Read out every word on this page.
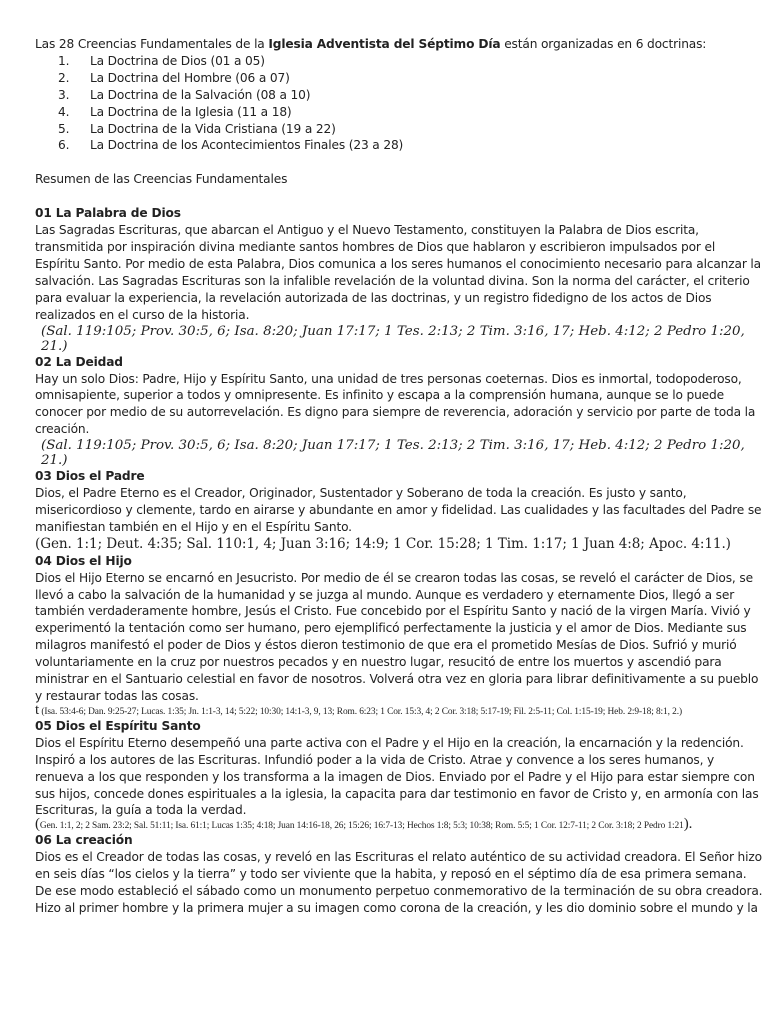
Las 28 Creencias Fundamentales de la Iglesia Adventista del Séptimo Día están organizadas en 6 doctrinas:

1.	La Doctrina de Dios (01 a 05)
2.	La Doctrina del Hombre (06 a 07)
3.	La Doctrina de la Salvación (08 a 10)
4.	La Doctrina de la Iglesia (11 a 18)
5.	La Doctrina de la Vida Cristiana (19 a 22)
6.	La Doctrina de los Acontecimientos Finales (23 a 28)

Resumen de las Creencias Fundamentales

01 La Palabra de Dios

Las Sagradas Escrituras, que abarcan el Antiguo y el Nuevo Testamento, constituyen la Palabra de Dios escrita, transmitida por inspiración divina mediante santos hombres de Dios que hablaron y escribieron impulsados por el Espíritu Santo. Por medio de esta Palabra, Dios comunica a los seres humanos el conocimiento necesario para alcanzar la salvación. Las Sagradas Escrituras son la infalible revelación de la voluntad divina. Son la norma del carácter, el criterio para evaluar la experiencia, la revelación autorizada de las doctrinas, y un registro fidedigno de los actos de Dios realizados en el curso de la historia.

(Sal. 119:105; Prov. 30:5, 6; Isa. 8:20; Juan 17:17; 1 Tes. 2:13; 2 Tim. 3:16, 17; Heb. 4:12; 2 Pedro 1:20, 21.)

02 La Deidad

Hay un solo Dios: Padre, Hijo y Espíritu Santo, una unidad de tres personas coeternas. Dios es inmortal, todopoderoso, omnisapiente, superior a todos y omnipresente. Es infinito y escapa a la comprensión humana, aunque se lo puede conocer por medio de su autorrevelación. Es digno para siempre de reverencia, adoración y servicio por parte de toda la creación.

(Sal. 119:105; Prov. 30:5, 6; Isa. 8:20; Juan 17:17; 1 Tes. 2:13; 2 Tim. 3:16, 17; Heb. 4:12; 2 Pedro 1:20, 21.)

03 Dios el Padre

Dios, el Padre Eterno es el Creador, Originador, Sustentador y Soberano de toda la creación. Es justo y santo, misericordioso y clemente, tardo en airarse y abundante en amor y fidelidad. Las cualidades y las facultades del Padre se manifiestan también en el Hijo y en el Espíritu Santo.

(Gen. 1:1; Deut. 4:35; Sal. 110:1, 4; Juan 3:16; 14:9; 1 Cor. 15:28; 1 Tim. 1:17; 1 Juan 4:8; Apoc. 4:11.)

04 Dios el Hijo

Dios el Hijo Eterno se encarnó en Jesucristo. Por medio de él se crearon todas las cosas, se reveló el carácter de Dios, se llevó a cabo la salvación de la humanidad y se juzga al mundo. Aunque es verdadero y eternamente Dios, llegó a ser también verdaderamente hombre, Jesús el Cristo. Fue concebido por el Espíritu Santo y nació de la virgen María. Vivió y experimentó la tentación como ser humano, pero ejemplificó perfectamente la justicia y el amor de Dios. Mediante sus milagros manifestó el poder de Dios y éstos dieron testimonio de que era el prometido Mesías de Dios. Sufrió y murió voluntariamente en la cruz por nuestros pecados y en nuestro lugar, resucitó de entre los muertos y ascendió para ministrar en el Santuario celestial en favor de nosotros. Volverá otra vez en gloria para librar definitivamente a su pueblo y restaurar todas las cosas.

t (Isa. 53:4-6; Dan. 9:25-27; Lucas. 1:35; Jn. 1:1-3, 14; 5:22; 10:30; 14:1-3, 9, 13; Rom. 6:23; 1 Cor. 15:3, 4; 2 Cor. 3:18; 5:17-19; Fil. 2:5-11; Col. 1:15-19; Heb. 2:9-18; 8:1, 2.)

05 Dios el Espíritu Santo

Dios el Espíritu Eterno desempeñó una parte activa con el Padre y el Hijo en la creación, la encarnación y la redención. Inspiró a los autores de las Escrituras. Infundió poder a la vida de Cristo. Atrae y convence a los seres humanos, y renueva a los que responden y los transforma a la imagen de Dios. Enviado por el Padre y el Hijo para estar siempre con sus hijos, concede dones espirituales a la iglesia, la capacita para dar testimonio en favor de Cristo y, en armonía con las Escrituras, la guía a toda la verdad.

(Gen. 1:1, 2; 2 Sam. 23:2; Sal. 51:11; Isa. 61:1; Lucas 1:35; 4:18; Juan 14:16-18, 26; 15:26; 16:7-13; Hechos 1:8; 5:3; 10:38; Rom. 5:5; 1 Cor. 12:7-11; 2 Cor. 3:18; 2 Pedro 1:21).

06 La creación

Dios es el Creador de todas las cosas, y reveló en las Escrituras el relato auténtico de su actividad creadora. El Señor hizo en seis días “los cielos y la tierra” y todo ser viviente que la habita, y reposó en el séptimo día de esa primera semana. De ese modo estableció el sábado como un monumento perpetuo conmemorativo de la terminación de su obra creadora. Hizo al primer hombre y la primera mujer a su imagen como corona de la creación, y les dio dominio sobre el mundo y la
